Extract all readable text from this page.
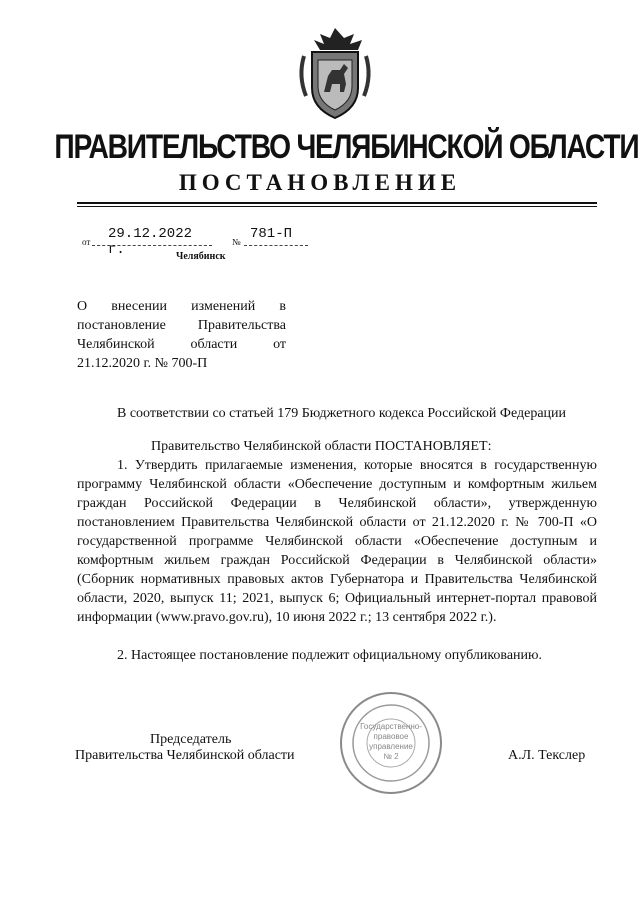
ПРАВИТЕЛЬСТВО ЧЕЛЯБИНСКОЙ ОБЛАСТИ
ПОСТАНОВЛЕНИЕ
от	29.12.2022 г.	№ 781-П
Челябинск
О внесении изменений в постановление Правительства Челябинской области от 21.12.2020 г. № 700-П
В соответствии со статьей 179 Бюджетного кодекса Российской Федерации
Правительство Челябинской области ПОСТАНОВЛЯЕТ:
1. Утвердить прилагаемые изменения, которые вносятся в государственную программу Челябинской области «Обеспечение доступным и комфортным жильем граждан Российской Федерации в Челябинской области», утвержденную постановлением Правительства Челябинской области от 21.12.2020 г. № 700-П «О государственной программе Челябинской области «Обеспечение доступным и комфортным жильем граждан Российской Федерации в Челябинской области» (Сборник нормативных правовых актов Губернатора и Правительства Челябинской области, 2020, выпуск 11; 2021, выпуск 6; Официальный интернет-портал правовой информации (www.pravo.gov.ru), 10 июня 2022 г.; 13 сентября 2022 г.).
2. Настоящее постановление подлежит официальному опубликованию.
Председатель
Правительства Челябинской области	А.Л. Текслер
Государственно-
правовое
управление
№ 2
